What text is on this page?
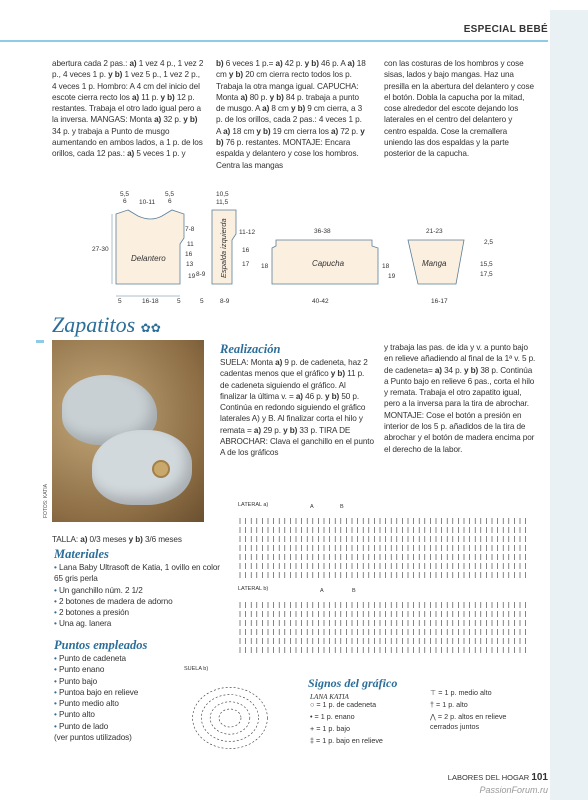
ESPECIAL BEBÉ

abertura cada 2 pas.: a) 1 vez 4 p., 1 vez 2 p., 4 veces 1 p. y b) 1 vez 5 p., 1 vez 2 p., 4 veces 1 p. Hombro: A 4 cm del inicio del escote cierra recto los a) 11 p. y b) 12 p. restantes. Trabaja el otro lado igual pero a la inversa. MANGAS: Monta a) 32 p. y b) 34 p. y trabaja a Punto de musgo aumentando en ambos lados, a 1 p. de los orillos, cada 12 pas.: a) 5 veces 1 p. y

b) 6 veces 1 p.= a) 42 p. y b) 46 p. A a) 18 cm y b) 20 cm cierra recto todos los p. Trabaja la otra manga igual. CAPUCHA: Monta a) 80 p. y b) 84 p. trabaja a punto de musgo. A a) 8 cm y b) 9 cm cierra, a 3 p. de los orillos, cada 2 pas.: 4 veces 1 p. A a) 18 cm y b) 19 cm cierra los a) 72 p. y b) 76 p. restantes. MONTAJE: Encara espalda y delantero y cose los hombros. Centra las mangas

con las costuras de los hombros y cose sisas, lados y bajo mangas. Haz una presilla en la abertura del delantero y cose el botón. Dobla la capucha por la mitad, cose alrededor del escote dejando los laterales en el centro del delantero y centro espalda. Cose la cremallera uniendo las dos espaldas y la parte posterior de la capucha.

Delantero
5,5
6 10-11
5,5
6
27-30
7-8
11
13
16
19
16-18
5	5
Espalda izquierda
10,5
11,5
11-12
16
17
8-9
8-9
5
Capucha
36-38
40-42
18
19
18	Manga
21-23
16-17
2,5
15,5
17,5
Zapatitos ✿✿
FOTOS: KATIA
TALLA: a) 0/3 meses y b) 3/6 meses
Materiales
• Lana Baby Ultrasoft de Katia, 1 ovillo en color 65 gris perla
• Un ganchillo núm. 2 1/2
• 2 botones de madera de adorno
• 2 botones a presión
• Una ag. lanera
Puntos empleados
• Punto de cadeneta
• Punto enano
• Punto bajo
• Puntoa bajo en relieve
• Punto medio alto
• Punto alto
• Punto de lado
(ver puntos utilizados)
Realización
SUELA: Monta a) 9 p. de cadeneta, haz 2 cadentas menos que el gráfico y b) 11 p. de cadeneta siguiendo el gráfico. Al finalizar la última v. = a) 46 p. y b) 50 p. Continúa en redondo siguiendo el gráfico laterales A) y B. Al finalizar corta el hilo y remata = a) 29 p. y b) 33 p. TIRA DE ABROCHAR: Clava el ganchillo en el punto A de los gráficos
y trabaja las pas. de ida y v. a punto bajo en relieve añadiendo al final de la 1ª v. 5 p. de cadeneta= a) 34 p. y b) 38 p. Continúa a Punto bajo en relieve 6 pas., corta el hilo y remata. Trabaja el otro zapatito igual, pero a la inversa para la tira de abrochar. MONTAJE: Cose el botón a presión en interior de los 5 p. añadidos de la tira de abrochar y el botón de madera encima por el derecho de la labor.
LATERAL a)	A	B
LATERAL b)	A	B
SUELA b)
Signos del gráfico
LANA KATIA
○ = 1 p. de cadeneta
• = 1 p. enano
+ = 1 p. bajo
‡ = 1 p. bajo en relieve
⊤ = 1 p. medio alto
† = 1 p. alto
⋀ = 2 p. altos en relieve cerrados juntos
LABORES DEL HOGAR 101
PassionForum.ru
